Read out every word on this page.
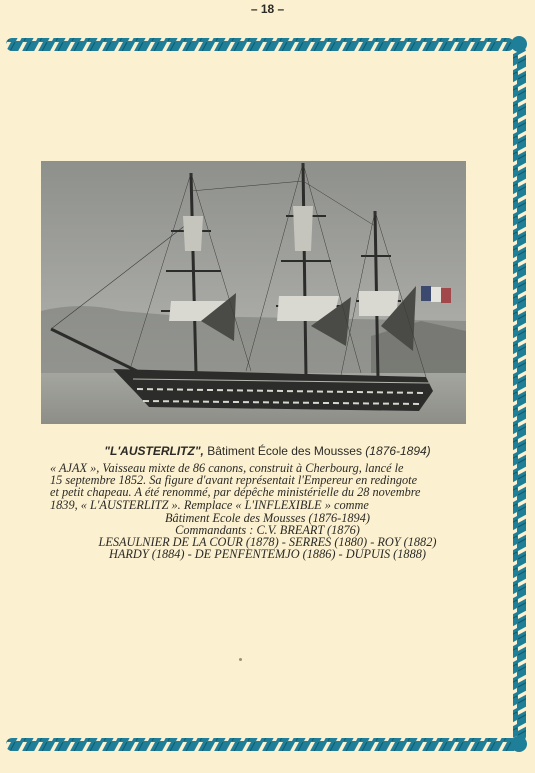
– 18 –
"L'AUSTERLITZ", Bâtiment École des Mousses (1876-1894)

« AJAX », Vaisseau mixte de 86 canons, construit à Cherbourg, lancé le

15 septembre 1852. Sa figure d'avant représentait l'Empereur en redingote

et petit chapeau. A été renommé, par dépêche ministérielle du 28 novembre

1839, « L'AUSTERLITZ ». Remplace « L'INFLEXIBLE » comme

Bâtiment Ecole des Mousses (1876-1894)
Commandants : C.V. BREART (1876)
LESAULNIER DE LA COUR (1878) - SERRES (1880) - ROY (1882)
HARDY (1884) - DE PENFENTEMJO (1886) - DUPUIS (1888)
